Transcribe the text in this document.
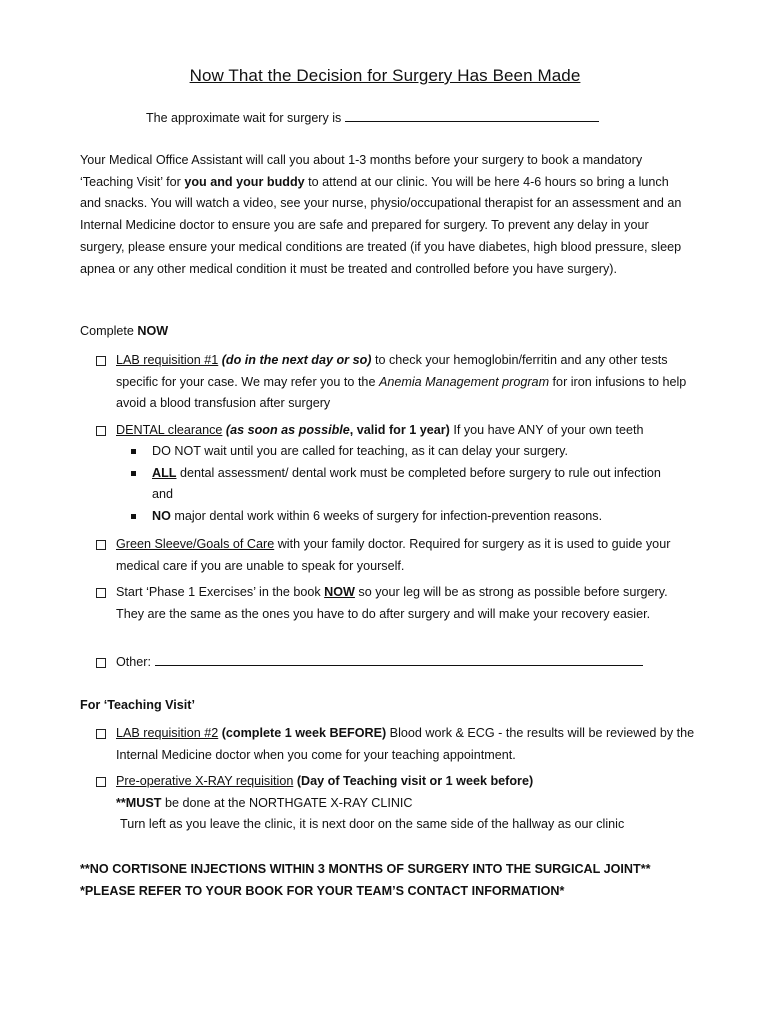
Now That the Decision for Surgery Has Been Made
The approximate wait for surgery is
Your Medical Office Assistant will call you about 1-3 months before your surgery to book a mandatory ‘Teaching Visit’ for you and your buddy to attend at our clinic. You will be here 4-6 hours so bring a lunch and snacks. You will watch a video, see your nurse, physio/occupational therapist for an assessment and an Internal Medicine doctor to ensure you are safe and prepared for surgery. To prevent any delay in your surgery, please ensure your medical conditions are treated (if you have diabetes, high blood pressure, sleep apnea or any other medical condition it must be treated and controlled before you have surgery).
Complete NOW
LAB requisition #1 (do in the next day or so) to check your hemoglobin/ferritin and any other tests specific for your case. We may refer you to the Anemia Management program for iron infusions to help avoid a blood transfusion after surgery
DENTAL clearance (as soon as possible, valid for 1 year) If you have ANY of your own teeth
DO NOT wait until you are called for teaching, as it can delay your surgery.
ALL dental assessment/ dental work must be completed before surgery to rule out infection and
NO major dental work within 6 weeks of surgery for infection-prevention reasons.
Green Sleeve/Goals of Care with your family doctor. Required for surgery as it is used to guide your medical care if you are unable to speak for yourself.
Start ‘Phase 1 Exercises’ in the book NOW so your leg will be as strong as possible before surgery. They are the same as the ones you have to do after surgery and will make your recovery easier.
Other:
For ‘Teaching Visit’
LAB requisition #2 (complete 1 week BEFORE) Blood work & ECG - the results will be reviewed by the Internal Medicine doctor when you come for your teaching appointment.
Pre-operative X-RAY requisition (Day of Teaching visit or 1 week before)
**MUST be done at the NORTHGATE X-RAY CLINIC
Turn left as you leave the clinic, it is next door on the same side of the hallway as our clinic
**NO CORTISONE INJECTIONS WITHIN 3 MONTHS OF SURGERY INTO THE SURGICAL JOINT**
*PLEASE REFER TO YOUR BOOK FOR YOUR TEAM’S CONTACT INFORMATION*
